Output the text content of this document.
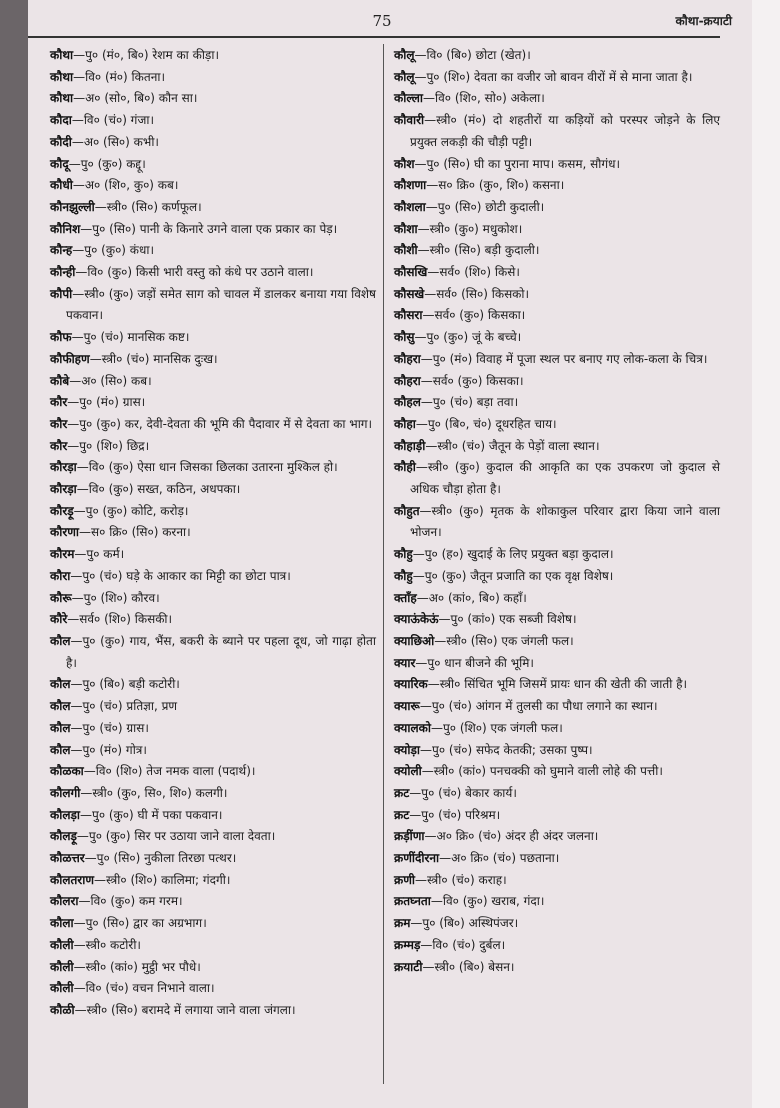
75	कौथा-क्रयाटी
कौथा—पु० (मं०, बि०) रेशम का कीड़ा।
कौथा—वि० (मं०) कितना।
कौथा—अ० (सो०, बि०) कौन सा।
कौदा—वि० (चं०) गंजा।
कौदी—अ० (सि०) कभी।
कौदू—पु० (कु०) कद्दू।
कौधी—अ० (शि०, कु०) कब।
कौनझुल्ली—स्त्री० (सि०) कर्णफूल।
कौनिश—पु० (सि०) पानी के किनारे उगने वाला एक प्रकार का पेड़।
कौन्ह—पु० (कु०) कंधा।
कौन्ही—वि० (कु०) किसी भारी वस्तु को कंधे पर उठाने वाला।
कौपी—स्त्री० (कु०) जड़ों समेत साग को चावल में डालकर बनाया गया विशेष पकवान।
कौफ—पु० (चं०) मानसिक कष्ट।
कौफीहण—स्त्री० (चं०) मानसिक दुःख।
कौबे—अ० (सि०) कब।
कौर—पु० (मं०) ग्रास।
कौर—पु० (कु०) कर, देवी-देवता की भूमि की पैदावार में से देवता का भाग।
कौर—पु० (शि०) छिद्र।
कौरड़ा—वि० (कु०) ऐसा धान जिसका छिलका उतारना मुश्किल हो।
कौरड़ा—वि० (कु०) सख्त, कठिन, अधपका।
कौरड़ू—पु० (कु०) कोटि, करोड़।
कौरणा—स० क्रि० (सि०) करना।
कौरम—पु० कर्म।
कौरा—पु० (चं०) घड़े के आकार का मिट्टी का छोटा पात्र।
कौरू—पु० (शि०) कौरव।
कौरे—सर्व० (शि०) किसकी।
कौल—पु० (कु०) गाय, भैंस, बकरी के ब्याने पर पहला दूध, जो गाढ़ा होता है।
कौल—पु० (बि०) बड़ी कटोरी।
कौल—पु० (चं०) प्रतिज्ञा, प्रण
कौल—पु० (चं०) ग्रास।
कौल—पु० (मं०) गोत्र।
कौळका—वि० (शि०) तेज नमक वाला (पदार्थ)।
कौलगी—स्त्री० (कु०, सि०, शि०) कलगी।
कौलड़ा—पु० (कु०) घी में पका पकवान।
कौलड़ू—पु० (कु०) सिर पर उठाया जाने वाला देवता।
कौळत्तर—पु० (सि०) नुकीला तिरछा पत्थर।
कौलतराण—स्त्री० (शि०) कालिमा; गंदगी।
कौलरा—वि० (कु०) कम गरम।
कौला—पु० (सि०) द्वार का अग्रभाग।
कौली—स्त्री० कटोरी।
कौली—स्त्री० (कां०) मुट्ठी भर पौधे।
कौली—वि० (चं०) वचन निभाने वाला।
कौळी—स्त्री० (सि०) बरामदे में लगाया जाने वाला जंगला।
कौलू—वि० (बि०) छोटा (खेत)।
कौलू—पु० (शि०) देवता का वजीर जो बावन वीरों में से माना जाता है।
कौल्ला—वि० (शि०, सो०) अकेला।
कौवारी—स्त्री० (मं०) दो शहतीरों या कड़ियों को परस्पर जोड़ने के लिए प्रयुक्त लकड़ी की चौड़ी पट्टी।
कौश—पु० (सि०) घी का पुराना माप। कसम, सौगंध।
कौशणा—स० क्रि० (कु०, शि०) कसना।
कौशला—पु० (सि०) छोटी कुदाली।
कौशा—स्त्री० (कु०) मधुकोश।
कौशी—स्त्री० (सि०) बड़ी कुदाली।
कौसखि—सर्व० (शि०) किसे।
कौसखे—सर्व० (सि०) किसको।
कौसरा—सर्व० (कु०) किसका।
कौसु—पु० (कु०) जूं के बच्चे।
कौहरा—पु० (मं०) विवाह में पूजा स्थल पर बनाए गए लोक-कला के चित्र।
कौहरा—सर्व० (कु०) किसका।
कौहल—पु० (चं०) बड़ा तवा।
कौहा—पु० (बि०, चं०) दूधरहित चाय।
कौहाड़ी—स्त्री० (चं०) जैतून के पेड़ों वाला स्थान।
कौही—स्त्री० (कु०) कुदाल की आकृति का एक उपकरण जो कुदाल से अधिक चौड़ा होता है।
कौहुत—स्त्री० (कु०) मृतक के शोकाकुल परिवार द्वारा किया जाने वाला भोजन।
कौहु—पु० (ह०) खुदाई के लिए प्रयुक्त बड़ा कुदाल।
कौहु—पु० (कु०) जैतून प्रजाति का एक वृक्ष विशेष।
क्ताँह—अ० (कां०, बि०) कहाँ।
क्याऊंकेऊं—पु० (कां०) एक सब्जी विशेष।
क्याछिओ—स्त्री० (सि०) एक जंगली फल।
क्यार—पु० धान बीजने की भूमि।
क्यारिक—स्त्री० सिंचित भूमि जिसमें प्रायः धान की खेती की जाती है।
क्यारू—पु० (चं०) आंगन में तुलसी का पौधा लगाने का स्थान।
क्यालको—पु० (शि०) एक जंगली फल।
क्योड़ा—पु० (चं०) सफेद केतकी; उसका पुष्प।
क्योली—स्त्री० (कां०) पनचक्की को घुमाने वाली लोहे की पत्ती।
क्रट—पु० (चं०) बेकार कार्य।
क्रट—पु० (चं०) परिश्रम।
क्रड़ींणा—अ० क्रि० (चं०) अंदर ही अंदर जलना।
क्रणींदीरना—अ० क्रि० (चं०) पछताना।
क्रणी—स्त्री० (चं०) कराह।
क्रतघ्नता—वि० (कु०) खराब, गंदा।
क्रम—पु० (बि०) अस्थिपंजर।
क्रम्मड़—वि० (चं०) दुर्बल।
क्रयाटी—स्त्री० (बि०) बेसन।
